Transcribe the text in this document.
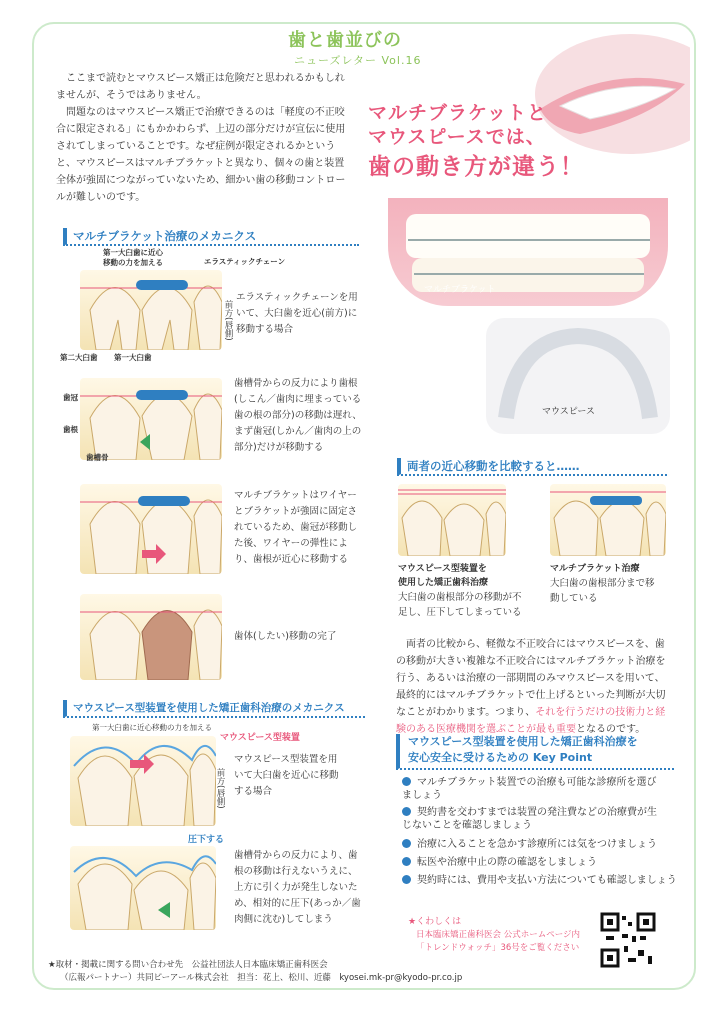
歯と歯並びの
ニューズレター Vol.16
ここまで読むとマウスピース矯正は危険だと思われるかもしれませんが、そうではありません。
問題なのはマウスピース矯正で治療できるのは「軽度の不正咬合に限定される」にもかかわらず、上辺の部分だけが宣伝に使用されてしまっていることです。なぜ症例が限定されるかというと、マウスピースはマルチブラケットと異なり、個々の歯と装置全体が強固につながっていないため、細かい歯の移動コントロールが難しいのです。
マルチブラケットと
マウスピースでは、
歯の動き方が違う！
マルチブラケット
マウスピース
マルチブラケット治療のメカニクス
第一大臼歯に近心
移動の力を加える	エラスティックチェーン
第二大臼歯 第一大臼歯
前方(唇側)
エラスティックチェーンを用いて、大臼歯を近心(前方)に移動する場合
歯冠
歯根
歯槽骨
歯槽骨からの反力により歯根(しこん／歯肉に埋まっている歯の根の部分)の移動は遅れ、まず歯冠(しかん／歯肉の上の部分)だけが移動する
マルチブラケットはワイヤーとブラケットが強固に固定されているため、歯冠が移動した後、ワイヤーの弾性により、歯根が近心に移動する
歯体(したい)移動の完了
マウスピース型装置を使用した矯正歯科治療のメカニクス
第一大臼歯に近心移動の力を加える
マウスピース型装置
前方(唇側)
マウスピース型装置を用いて大臼歯を近心に移動する場合
圧下する
歯槽骨からの反力により、歯根の移動は行えないうえに、上方に引く力が発生しないため、相対的に圧下(あっか／歯肉側に沈む)してしまう
両者の近心移動を比較すると……
マウスピース型装置を
使用した矯正歯科治療
大臼歯の歯根部分の移動が不足し、圧下してしまっている
マルチブラケット治療
大臼歯の歯根部分まで移動している
両者の比較から、軽微な不正咬合にはマウスピースを、歯の移動が大きい複雑な不正咬合にはマルチブラケット治療を行う、あるいは治療の一部期間のみマウスピースを用いて、最終的にはマルチブラケットで仕上げるといった判断が大切なことがわかります。つまり、それを行うだけの技術力と経験のある医療機関を選ぶことが最も重要となるのです。
マウスピース型装置を使用した矯正歯科治療を
安心安全に受けるための Key Point
マルチブラケット装置での治療も可能な診療所を選びましょう
契約書を交わすまでは装置の発注費などの治療費が生じないことを確認しましょう
治療に入ることを急かす診療所には気をつけましょう
転医や治療中止の際の確認をしましょう
契約時には、費用や支払い方法についても確認しましょう
★くわしくは
日本臨床矯正歯科医会 公式ホームページ内
「トレンドウォッチ」36号をご覧ください
★取材・掲載に関する問い合わせ先　公益社団法人日本臨床矯正歯科医会
（広報パートナー）共同ピーアール株式会社　担当：花上、松川、近藤　kyosei.mk-pr@kyodo-pr.co.jp
